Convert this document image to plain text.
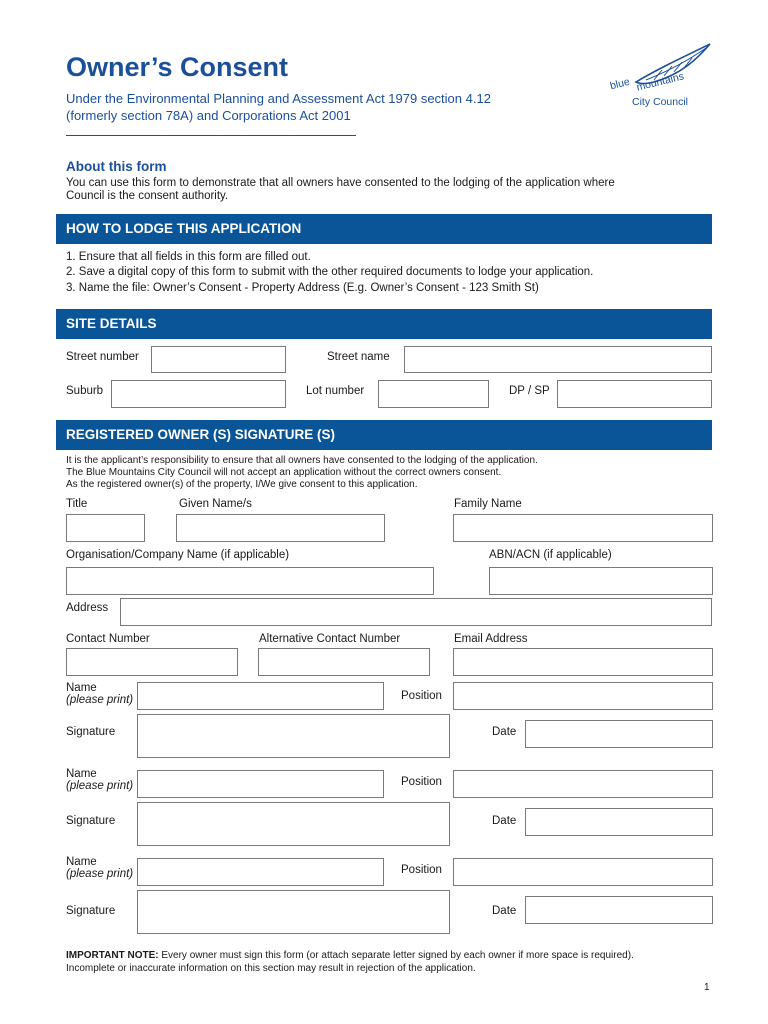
Owner’s Consent
Under the Environmental Planning and Assessment Act 1979 section 4.12
(formerly section 78A) and Corporations Act 2001
blue mountains
City Council
About this form
You can use this form to demonstrate that all owners have consented to the lodging of the application where
Council is the consent authority.
HOW TO LODGE THIS APPLICATION
1. Ensure that all fields in this form are filled out.
2. Save a digital copy of this form to submit with the other required documents to lodge your application.
3. Name the file: Owner’s Consent - Property Address (E.g. Owner’s Consent - 123 Smith St)
SITE DETAILS
Street number	Street name
Suburb	Lot number	DP / SP
REGISTERED OWNER (S) SIGNATURE (S)
It is the applicant’s responsibility to ensure that all owners have consented to the lodging of the application.
The Blue Mountains City Council will not accept an application without the correct owners consent.
As the registered owner(s) of the property, I/We give consent to this application.
Title	Given Name/s	Family Name
Organisation/Company Name (if applicable)	ABN/ACN (if applicable)
Address
Contact Number	Alternative Contact Number	Email Address
Name
(please print)	Position
Signature	Date
Name
(please print)	Position
Signature	Date
Name
(please print)	Position
Signature	Date
IMPORTANT NOTE: Every owner must sign this form (or attach separate letter signed by each owner if more space is required).
Incomplete or inaccurate information on this section may result in rejection of the application.
1
